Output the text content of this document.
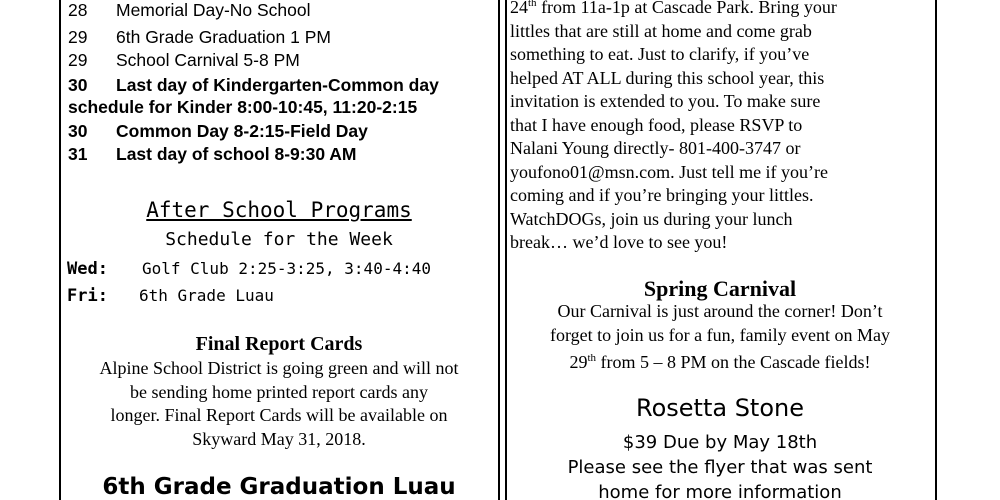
28 Memorial Day-No School
29 6th Grade Graduation 1 PM
29 School Carnival 5-8 PM
30 Last day of Kindergarten-Common day
schedule for Kinder 8:00-10:45, 11:20-2:15
30 Common Day 8-2:15-Field Day
31 Last day of school 8-9:30 AM
After School Programs
Schedule for the Week
Wed: Golf Club 2:25-3:25, 3:40-4:40
Fri: 6th Grade Luau
Final Report Cards
Alpine School District is going green and will not
be sending home printed report cards any
longer. Final Report Cards will be available on
Skyward May 31, 2018.
6th Grade Graduation Luau
24th from 11a-1p at Cascade Park. Bring your
littles that are still at home and come grab
something to eat. Just to clarify, if you’ve
helped AT ALL during this school year, this
invitation is extended to you. To make sure
that I have enough food, please RSVP to
Nalani Young directly- 801-400-3747 or
youfono01@msn.com. Just tell me if you’re
coming and if you’re bringing your littles.
WatchDOGs, join us during your lunch
break… we’d love to see you!
Spring Carnival
Our Carnival is just around the corner! Don’t
forget to join us for a fun, family event on May
29th from 5 – 8 PM on the Cascade fields!
Rosetta Stone
$39 Due by May 18th
Please see the flyer that was sent
home for more information
